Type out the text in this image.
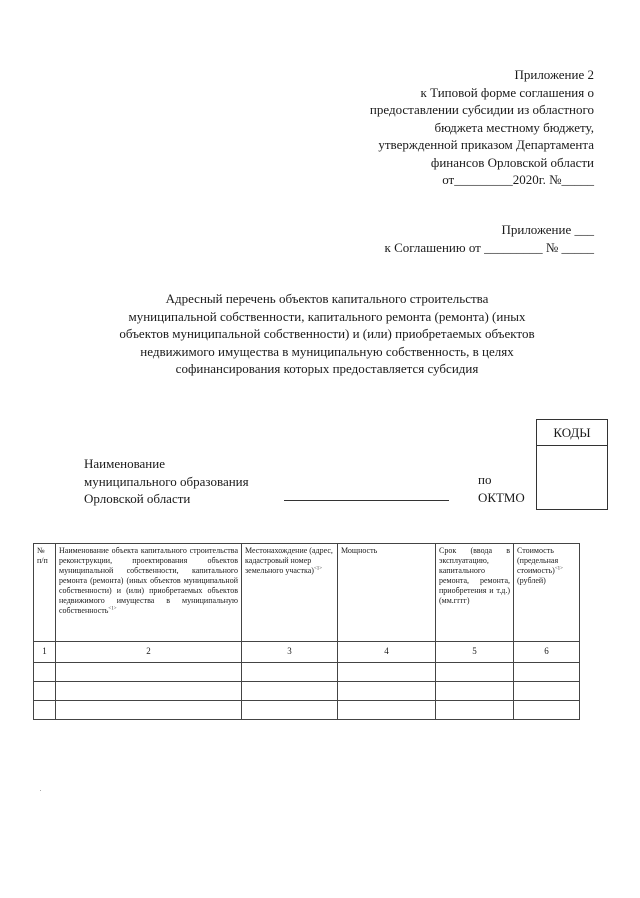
Приложение 2
к Типовой форме соглашения о
предоставлении субсидии из областного
бюджета местному бюджету,
утвержденной приказом Департамента
финансов Орловской области
от_________2020г. №_____
Приложение ___
к Соглашению от _________ № _____
Адресный перечень объектов капитального строительства
муниципальной собственности, капитального ремонта (ремонта) (иных
объектов муниципальной собственности) и (или) приобретаемых объектов
недвижимого имущества в муниципальную собственность, в целях
софинансирования которых предоставляется субсидия
КОДЫ
Наименование
муниципального образования
Орловской области
по
ОКТМО
№ п/п	Наименование объекта капитального строительства реконструкции, проектирования объектов муниципальной собственности, капитального ремонта (ремонта) (иных объектов муниципальной собственности) и (или) приобретаемых объектов недвижимого имущества в муниципальную собственность$^{<1>}$	Местонахождение (адрес, кадастровый номер земельного участка)$^{<1>}$	Мощность	Срок (ввода в эксплуатацию, капитального ремонта, ремонта, приобретения и т.д.) (мм.гггг)	Стоимость (предельная стоимость)$^{<1>}$ (рублей)
1	2	3	4	5	6
